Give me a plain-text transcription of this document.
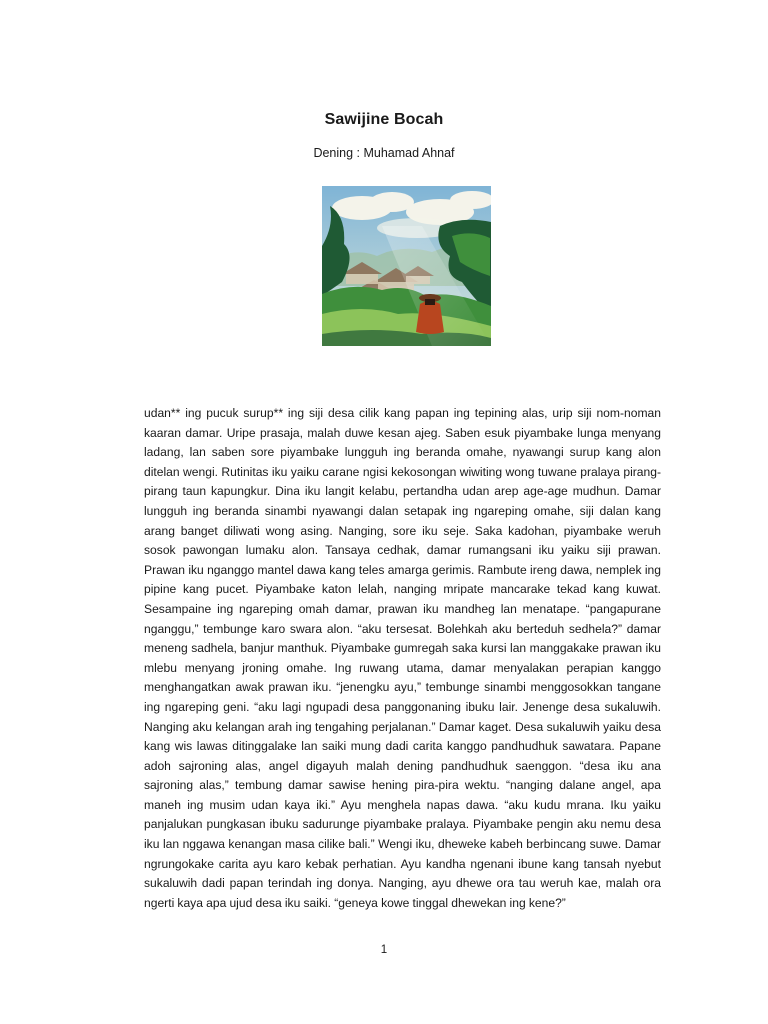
Sawijine Bocah
Dening : Muhamad Ahnaf
udan** ing pucuk surup** ing siji desa cilik kang papan ing tepining alas, urip siji nom-noman kaaran damar. Uripe prasaja, malah duwe kesan ajeg. Saben esuk piyambake lunga menyang ladang, lan saben sore piyambake lungguh ing beranda omahe, nyawangi surup kang alon ditelan wengi. Rutinitas iku yaiku carane ngisi kekosongan wiwiting wong tuwane pralaya pirang-pirang taun kapungkur. Dina iku langit kelabu, pertandha udan arep age-age mudhun. Damar lungguh ing beranda sinambi nyawangi dalan setapak ing ngareping omahe, siji dalan kang arang banget diliwati wong asing. Nanging, sore iku seje. Saka kadohan, piyambake weruh sosok pawongan lumaku alon. Tansaya cedhak, damar rumangsani iku yaiku siji prawan. Prawan iku nganggo mantel dawa kang teles amarga gerimis. Rambute ireng dawa, nemplek ing pipine kang pucet. Piyambake katon lelah, nanging mripate mancarake tekad kang kuwat. Sesampaine ing ngareping omah damar, prawan iku mandheg lan menatape. “pangapurane nganggu,” tembunge karo swara alon. “aku tersesat. Bolehkah aku berteduh sedhela?” damar meneng sadhela, banjur manthuk. Piyambake gumregah saka kursi lan manggakake prawan iku mlebu menyang jroning omahe. Ing ruwang utama, damar menyalakan perapian kanggo menghangatkan awak prawan iku. “jenengku ayu,” tembunge sinambi menggosokkan tangane ing ngareping geni. “aku lagi ngupadi desa panggonaning ibuku lair. Jenenge desa sukaluwih. Nanging aku kelangan arah ing tengahing perjalanan.” Damar kaget. Desa sukaluwih yaiku desa kang wis lawas ditinggalake lan saiki mung dadi carita kanggo pandhudhuk sawatara. Papane adoh sajroning alas, angel digayuh malah dening pandhudhuk saenggon. “desa iku ana sajroning alas,” tembung damar sawise hening pira-pira wektu. “nanging dalane angel, apa maneh ing musim udan kaya iki.” Ayu menghela napas dawa. “aku kudu mrana. Iku yaiku panjalukan pungkasan ibuku sadurunge piyambake pralaya. Piyambake pengin aku nemu desa iku lan nggawa kenangan masa cilike bali.” Wengi iku, dheweke kabeh berbincang suwe. Damar ngrungokake carita ayu karo kebak perhatian. Ayu kandha ngenani ibune kang tansah nyebut sukaluwih dadi papan terindah ing donya. Nanging, ayu dhewe ora tau weruh kae, malah ora ngerti kaya apa ujud desa iku saiki. “geneya kowe tinggal dhewekan ing kene?”
1
